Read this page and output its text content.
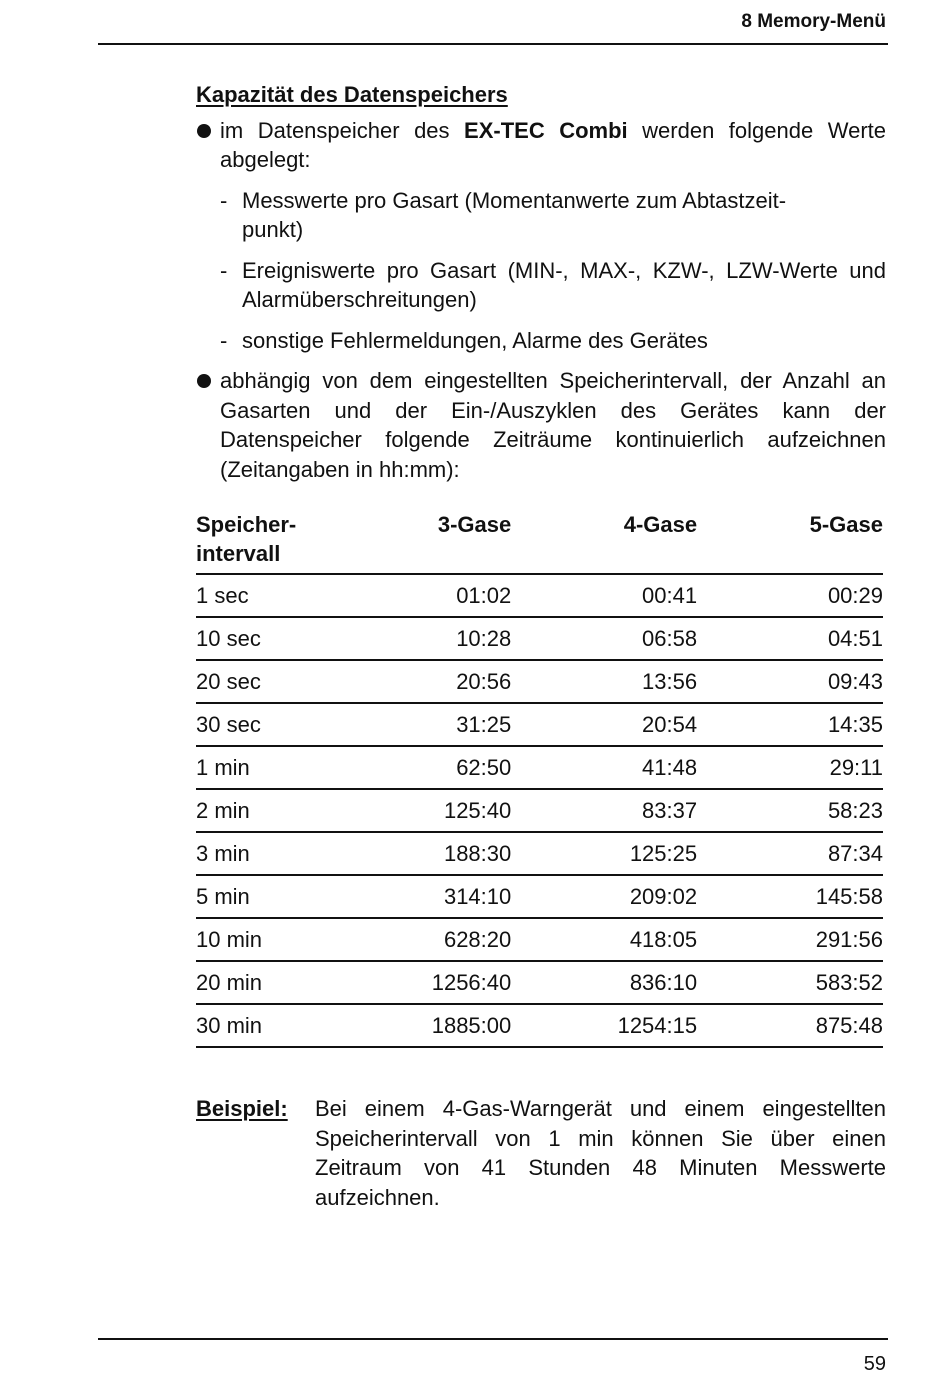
8 Memory-Menü
Kapazität des Datenspeichers
im Datenspeicher des EX-TEC Combi werden folgende Werte abgelegt:
- Messwerte pro Gasart (Momentanwerte zum Abtastzeit-
punkt)
- Ereigniswerte pro Gasart (MIN-, MAX-, KZW-, LZW-Werte und Alarmüberschreitungen)
- sonstige Fehlermeldungen, Alarme des Gerätes
abhängig von dem eingestellten Speicherintervall, der Anzahl an Gasarten und der Ein-/Auszyklen des Gerätes kann der Datenspeicher folgende Zeiträume kontinuierlich aufzeichnen (Zeitangaben in hh:mm):
Speicher-
intervall	3-Gase	4-Gase	5-Gase
1 sec	01:02	00:41	00:29
10 sec	10:28	06:58	04:51
20 sec	20:56	13:56	09:43
30 sec	31:25	20:54	14:35
1 min	62:50	41:48	29:11
2 min	125:40	83:37	58:23
3 min	188:30	125:25	87:34
5 min	314:10	209:02	145:58
10 min	628:20	418:05	291:56
20 min	1256:40	836:10	583:52
30 min	1885:00	1254:15	875:48
Beispiel: Bei einem 4-Gas-Warngerät und einem eingestellten Speicherintervall von 1 min können Sie über einen Zeitraum von 41 Stunden 48 Minuten Messwerte aufzeichnen.
59
